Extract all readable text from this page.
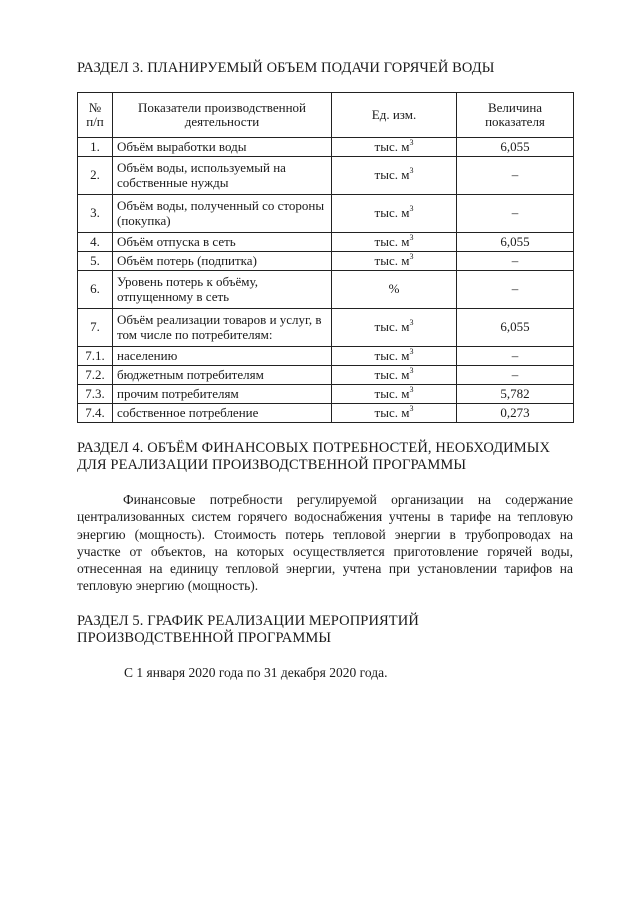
РАЗДЕЛ 3. ПЛАНИРУЕМЫЙ ОБЪЕМ ПОДАЧИ ГОРЯЧЕЙ ВОДЫ
№ п/п	Показатели производственной деятельности	Ед. изм.	Величина показателя
1.	Объём выработки воды	тыс. $м^3$	6,055
2.	Объём воды, используемый на собственные нужды	тыс. $м^3$	–
3.	Объём воды, полученный со стороны (покупка)	тыс. $м^3$	–
4.	Объём отпуска в сеть	тыс. $м^3$	6,055
5.	Объём потерь (подпитка)	тыс. $м^3$	–
6.	Уровень потерь к объёму, отпущенному в сеть	%	–
7.	Объём реализации товаров и услуг, в том числе по потребителям:	тыс. $м^3$	6,055
7.1.	населению	тыс. $м^3$	–
7.2.	бюджетным потребителям	тыс. $м^3$	–
7.3.	прочим потребителям	тыс. $м^3$	5,782
7.4.	собственное потребление	тыс. $м^3$	0,273
РАЗДЕЛ 4. ОБЪЁМ ФИНАНСОВЫХ ПОТРЕБНОСТЕЙ, НЕОБХОДИМЫХ ДЛЯ РЕАЛИЗАЦИИ ПРОИЗВОДСТВЕННОЙ ПРОГРАММЫ
Финансовые потребности регулируемой организации на содержание централизованных систем горячего водоснабжения учтены в тарифе на тепловую энергию (мощность). Стоимость потерь тепловой энергии в трубопроводах на участке от объектов, на которых осуществляется приготовление горячей воды, отнесенная на единицу тепловой энергии, учтена при установлении тарифов на тепловую энергию (мощность).
РАЗДЕЛ 5. ГРАФИК РЕАЛИЗАЦИИ МЕРОПРИЯТИЙ ПРОИЗВОДСТВЕННОЙ ПРОГРАММЫ
С 1 января 2020 года по 31 декабря 2020 года.
